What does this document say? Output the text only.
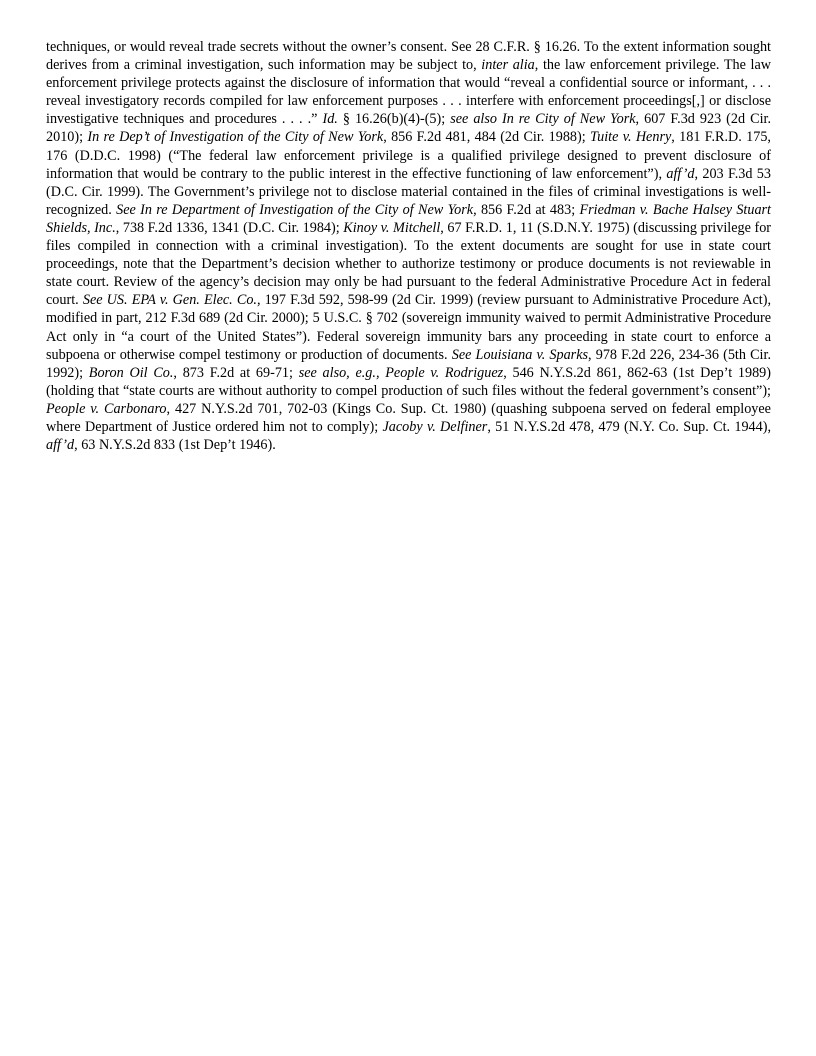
techniques, or would reveal trade secrets without the owner’s consent. See 28 C.F.R. § 16.26. To the extent information sought derives from a criminal investigation, such information may be subject to, inter alia, the law enforcement privilege. The law enforcement privilege protects against the disclosure of information that would “reveal a confidential source or informant, . . . reveal investigatory records compiled for law enforcement purposes . . . interfere with enforcement proceedings[,] or disclose investigative techniques and procedures . . . .” Id. § 16.26(b)(4)-(5); see also In re City of New York, 607 F.3d 923 (2d Cir. 2010); In re Dep’t of Investigation of the City of New York, 856 F.2d 481, 484 (2d Cir. 1988); Tuite v. Henry, 181 F.R.D. 175, 176 (D.D.C. 1998) (“The federal law enforcement privilege is a qualified privilege designed to prevent disclosure of information that would be contrary to the public interest in the effective functioning of law enforcement”), aff’d, 203 F.3d 53 (D.C. Cir. 1999). The Government’s privilege not to disclose material contained in the files of criminal investigations is well-recognized. See In re Department of Investigation of the City of New York, 856 F.2d at 483; Friedman v. Bache Halsey Stuart Shields, Inc., 738 F.2d 1336, 1341 (D.C. Cir. 1984); Kinoy v. Mitchell, 67 F.R.D. 1, 11 (S.D.N.Y. 1975) (discussing privilege for files compiled in connection with a criminal investigation). To the extent documents are sought for use in state court proceedings, note that the Department’s decision whether to authorize testimony or produce documents is not reviewable in state court. Review of the agency’s decision may only be had pursuant to the federal Administrative Procedure Act in federal court. See US. EPA v. Gen. Elec. Co., 197 F.3d 592, 598-99 (2d Cir. 1999) (review pursuant to Administrative Procedure Act), modified in part, 212 F.3d 689 (2d Cir. 2000); 5 U.S.C. § 702 (sovereign immunity waived to permit Administrative Procedure Act only in “a court of the United States”). Federal sovereign immunity bars any proceeding in state court to enforce a subpoena or otherwise compel testimony or production of documents. See Louisiana v. Sparks, 978 F.2d 226, 234-36 (5th Cir. 1992); Boron Oil Co., 873 F.2d at 69-71; see also, e.g., People v. Rodriguez, 546 N.Y.S.2d 861, 862-63 (1st Dep’t 1989) (holding that “state courts are without authority to compel production of such files without the federal government’s consent”); People v. Carbonaro, 427 N.Y.S.2d 701, 702-03 (Kings Co. Sup. Ct. 1980) (quashing subpoena served on federal employee where Department of Justice ordered him not to comply); Jacoby v. Delfiner, 51 N.Y.S.2d 478, 479 (N.Y. Co. Sup. Ct. 1944), aff’d, 63 N.Y.S.2d 833 (1st Dep’t 1946).
